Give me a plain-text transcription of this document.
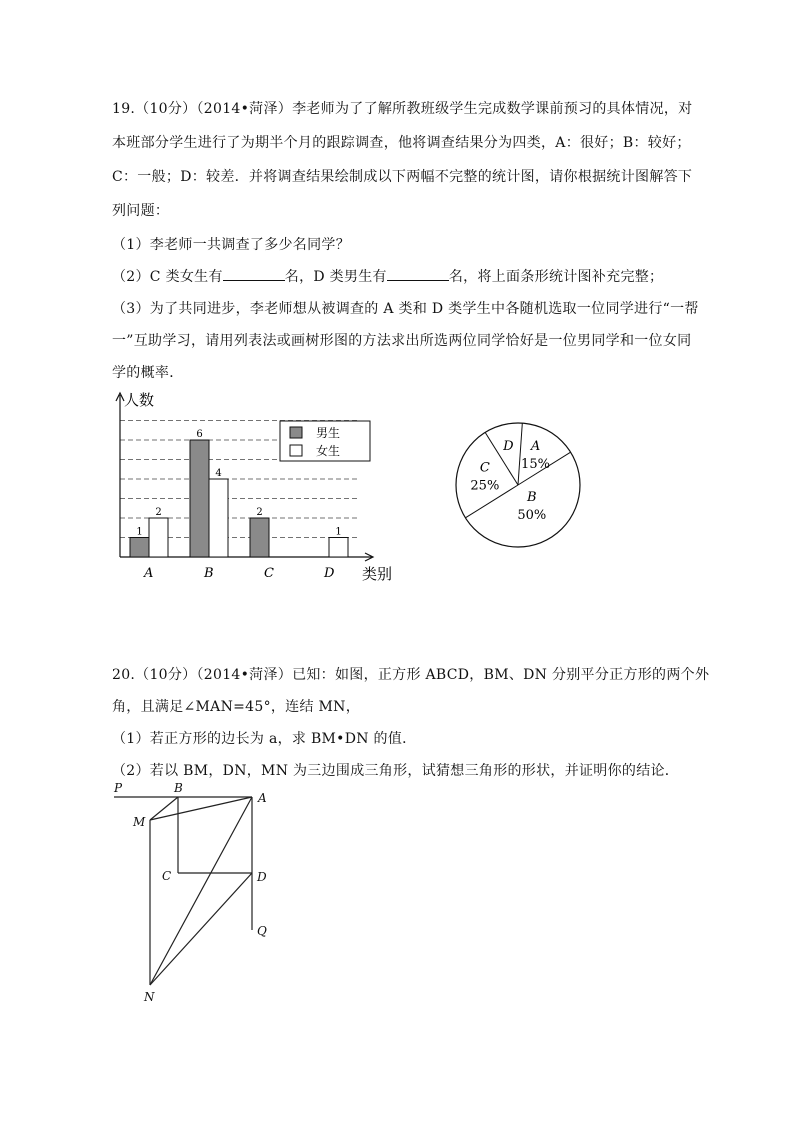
19.（10分）（2014•菏泽）李老师为了了解所教班级学生完成数学课前预习的具体情况，对
本班部分学生进行了为期半个月的跟踪调查，他将调查结果分为四类，A：很好；B：较好；
C：一般；D：较差．并将调查结果绘制成以下两幅不完整的统计图，请你根据统计图解答下
列问题：
（1）李老师一共调查了多少名同学？
（2）C 类女生有	名，D 类男生有	名，将上面条形统计图补充完整；
（3）为了共同进步，李老师想从被调查的 A 类和 D 类学生中各随机选取一位同学进行“一帮
一”互助学习，请用列表法或画树形图的方法求出所选两位同学恰好是一位男同学和一位女同
学的概率．
人数
类别
A
1
2
B
6
4
C
2
D
1
男生
女生	A
15%
B
50%
C
25%
D
20.（10分）（2014•菏泽）已知：如图，正方形 ABCD，BM、DN 分别平分正方形的两个外
角，且满足∠MAN=45°，连结 MN，
（1）若正方形的边长为 a，求 BM•DN 的值．
（2）若以 BM，DN，MN 为三边围成三角形，试猜想三角形的形状，并证明你的结论．
P	B
A
M
C	D
Q
N
